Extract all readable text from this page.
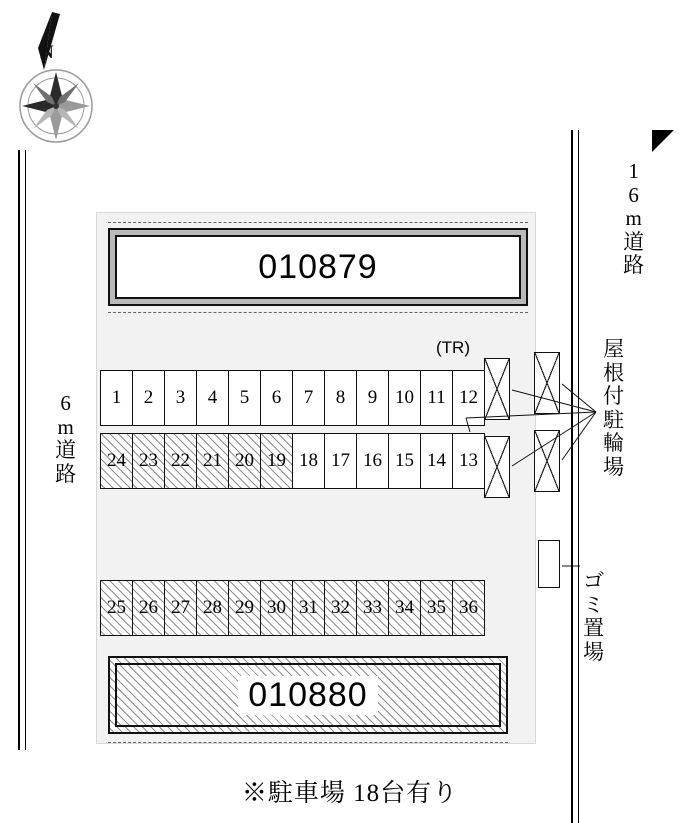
N
1
6
m
道
路
6
m
道
路
010879
(TR)
1	2	3	4	5	6	7	8	9 10 11 12
24 23 22 21 20 19 18 17 16 15 14 13
25 26 27 28 29 30 31 32 33 34 35 36
屋
根
付
駐
輪
場
ゴ
ミ
置
場
010880
※駐車場 18台有り
